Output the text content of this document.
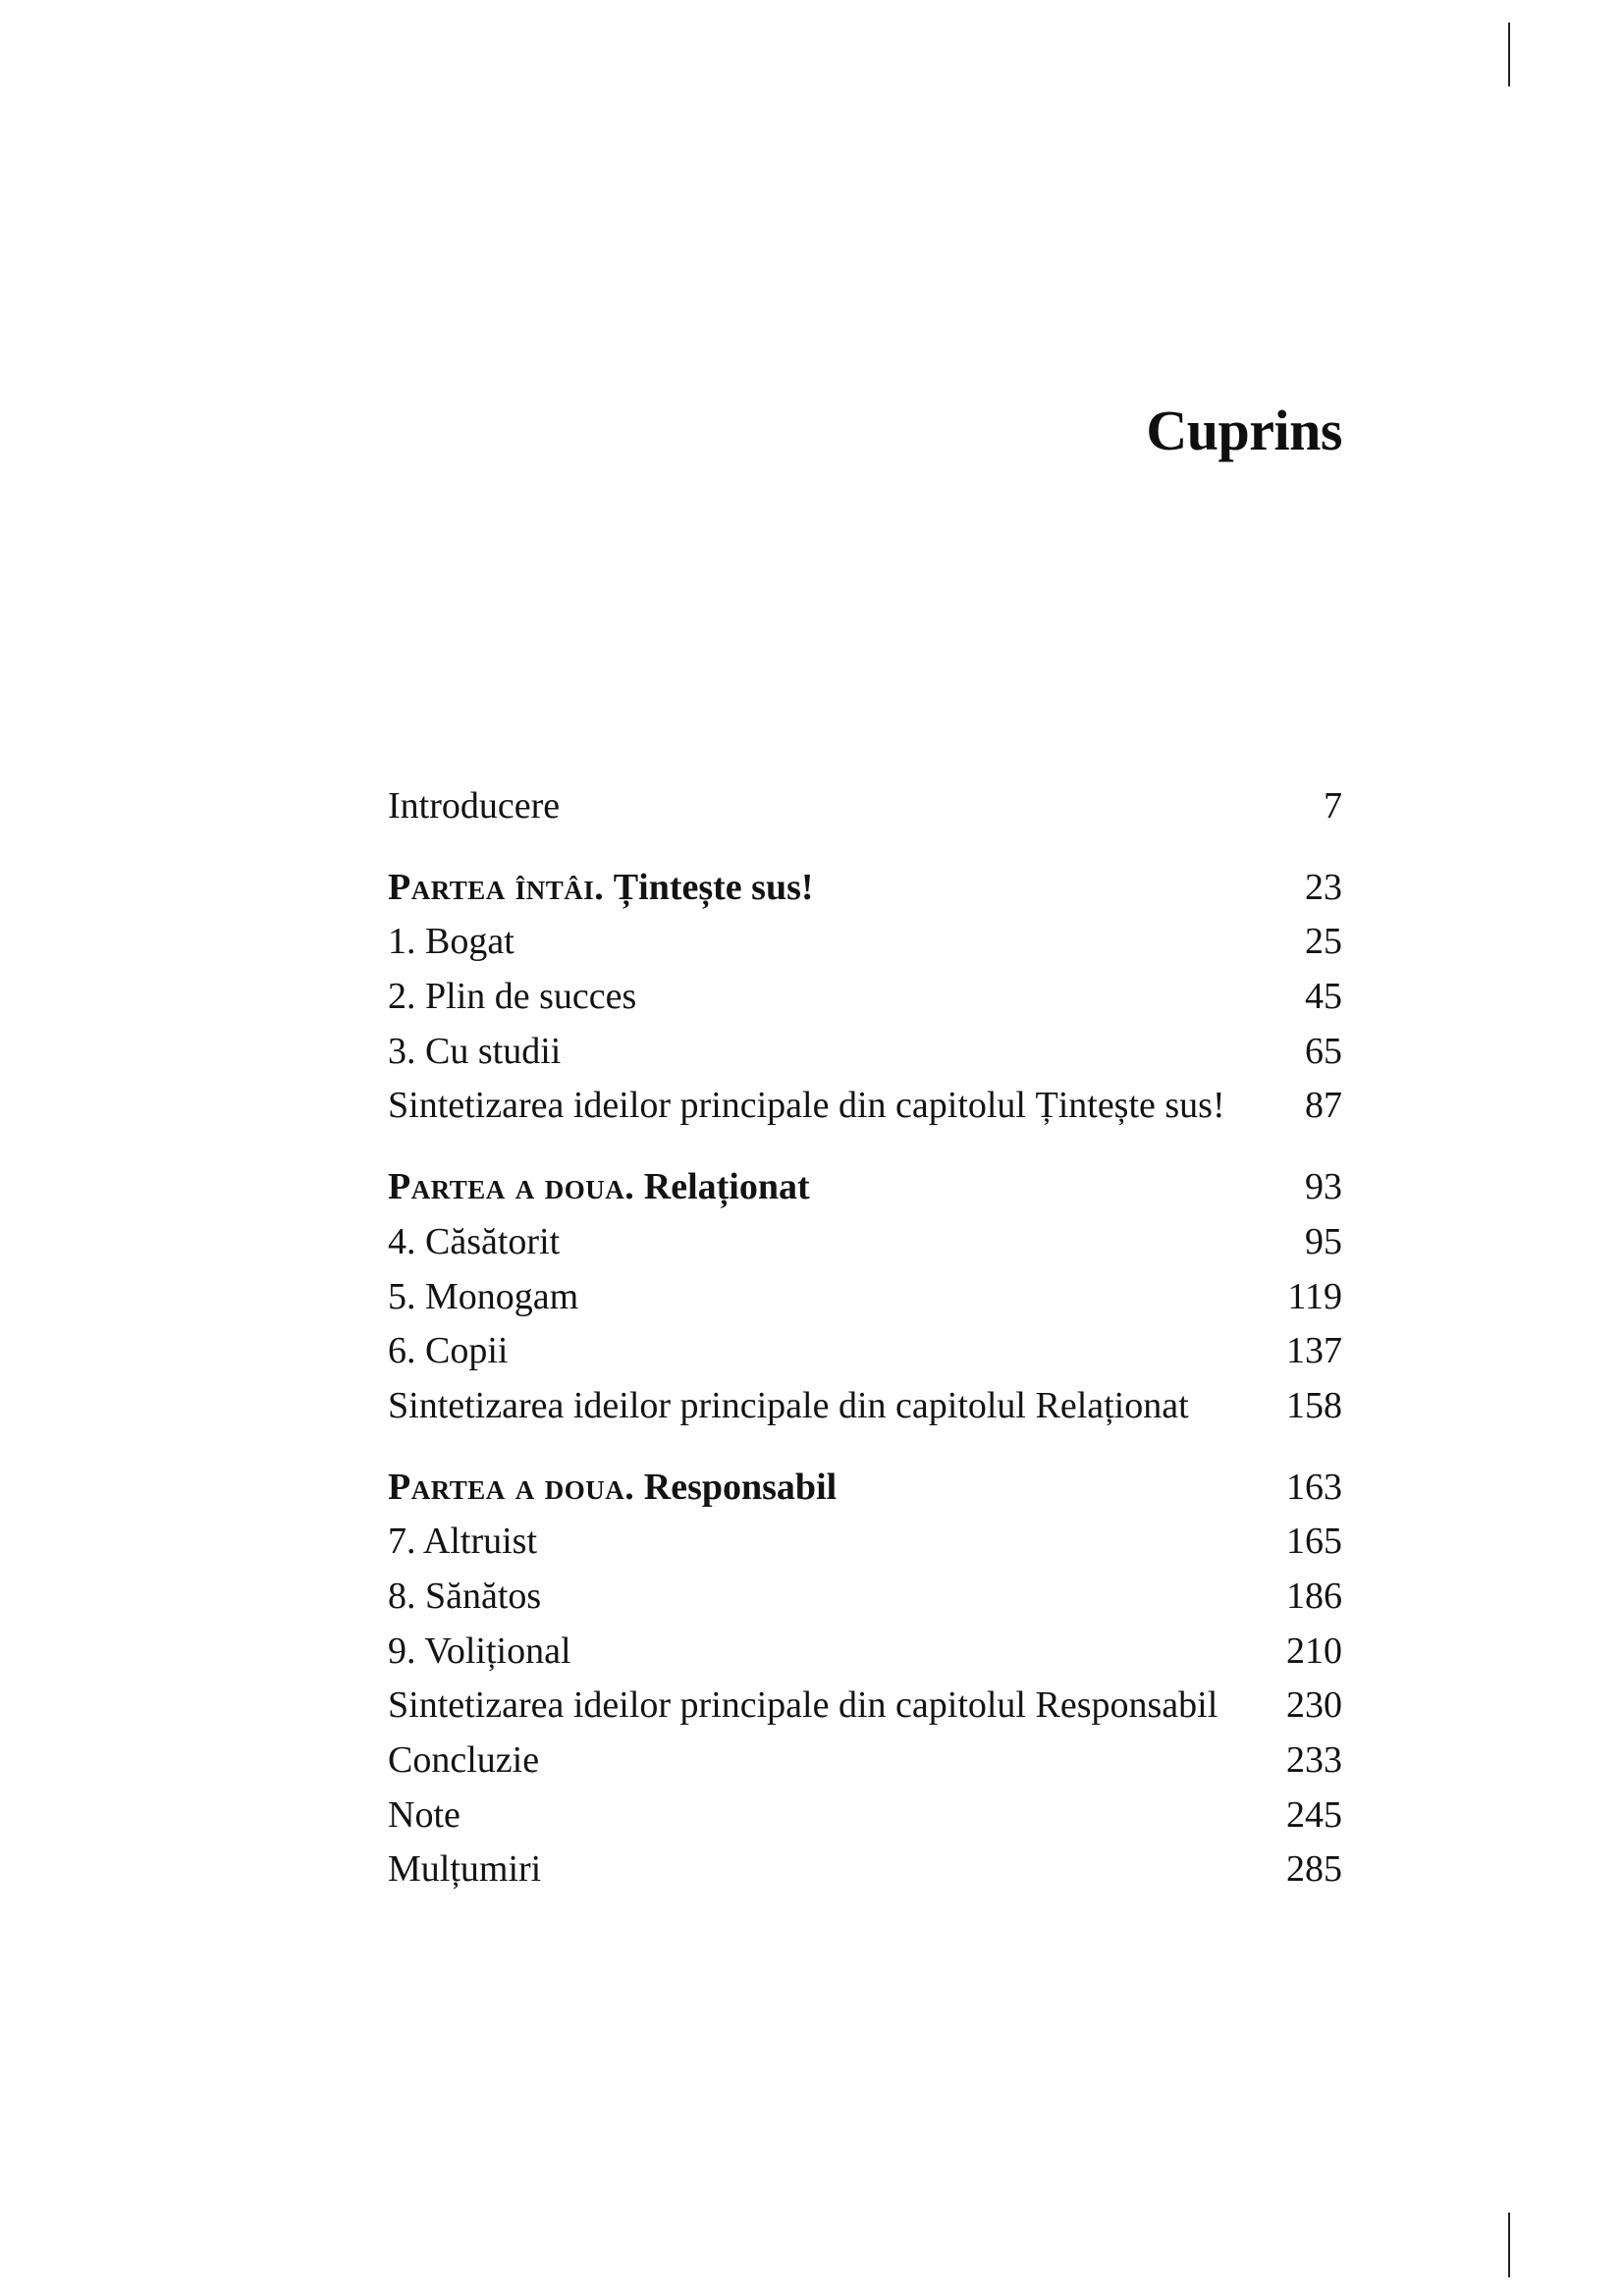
Cuprins
Introducere	7
Partea întâi. Țintește sus!	23
1. Bogat	25
2. Plin de succes	45
3. Cu studii	65
Sintetizarea ideilor principale din capitolul Țintește sus! 87
Partea a doua. Relaționat	93
4. Căsătorit	95
5. Monogam	119
6. Copii	137
Sintetizarea ideilor principale din capitolul Relaționat	158
Partea a doua. Responsabil	163
7. Altruist	165
8. Sănătos	186
9. Volițional	210
Sintetizarea ideilor principale din capitolul Responsabil 230
Concluzie	233
Note	245
Mulțumiri	285
